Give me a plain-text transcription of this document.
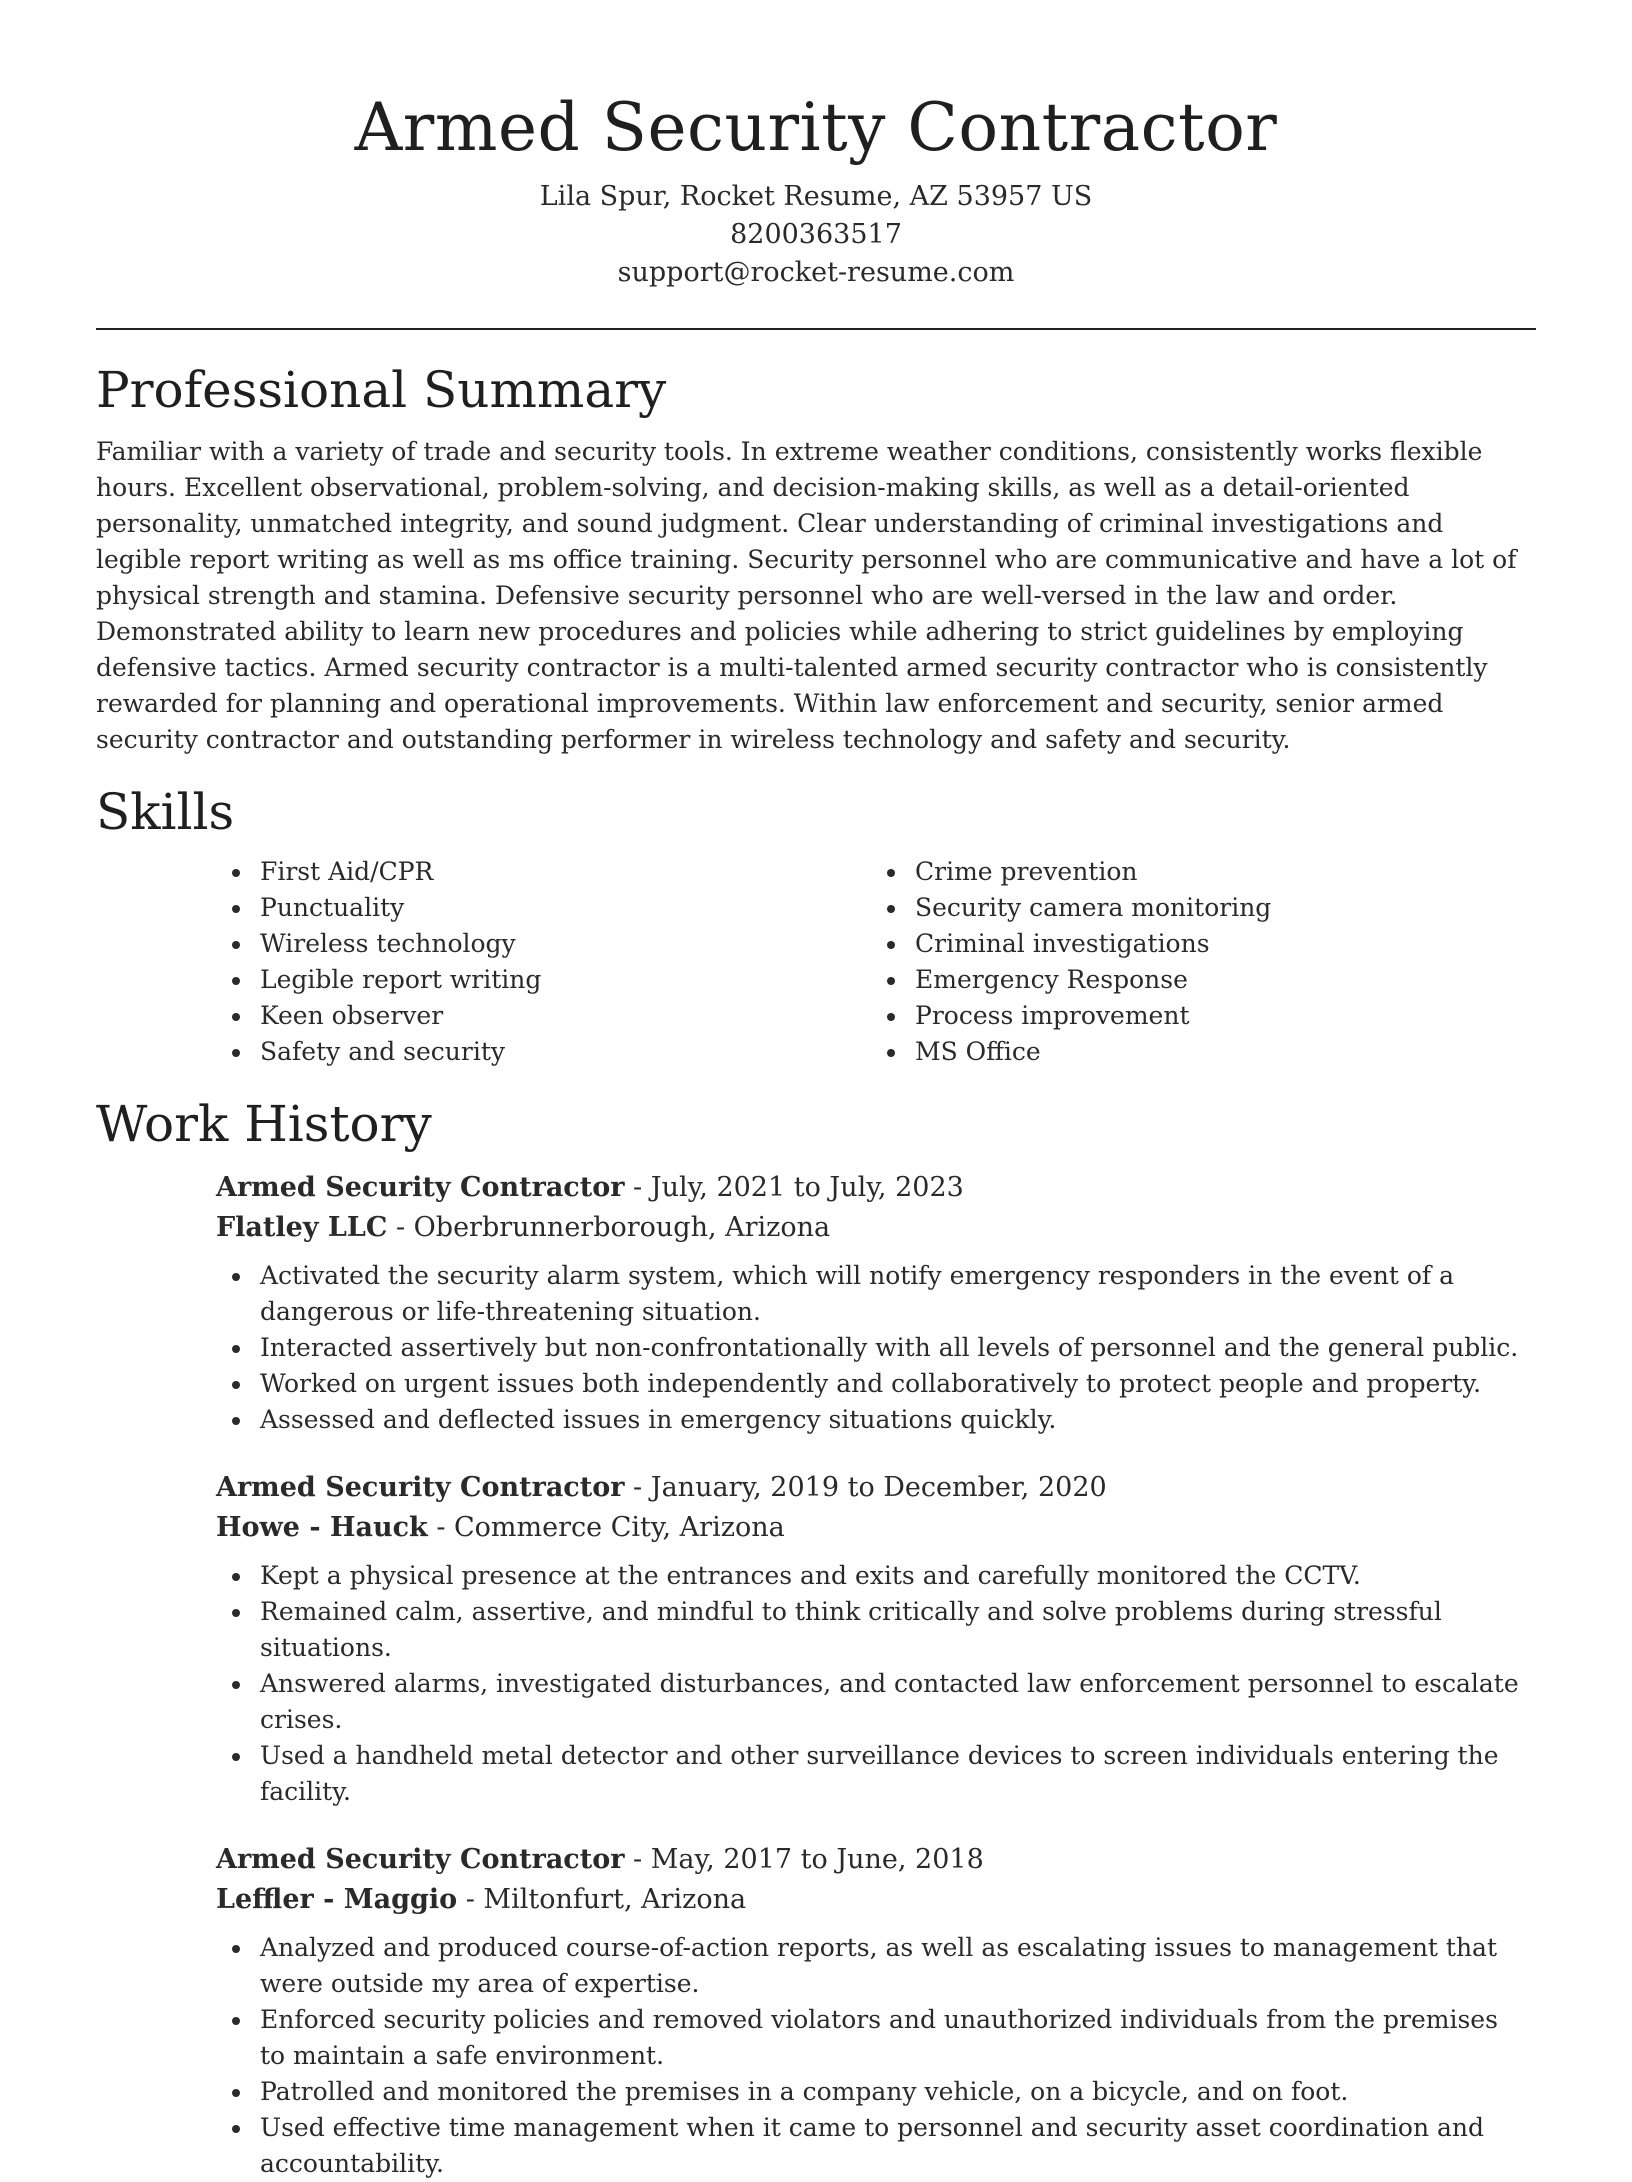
Armed Security Contractor
Lila Spur, Rocket Resume, AZ 53957 US
8200363517
support@rocket-resume.com
Professional Summary

Familiar with a variety of trade and security tools. In extreme weather conditions, consistently works flexible hours. Excellent observational, problem-solving, and decision-making skills, as well as a detail-oriented personality, unmatched integrity, and sound judgment. Clear understanding of criminal investigations and legible report writing as well as ms office training. Security personnel who are communicative and have a lot of physical strength and stamina. Defensive security personnel who are well-versed in the law and order. Demonstrated ability to learn new procedures and policies while adhering to strict guidelines by employing defensive tactics. Armed security contractor is a multi-talented armed security contractor who is consistently rewarded for planning and operational improvements. Within law enforcement and security, senior armed security contractor and outstanding performer in wireless technology and safety and security.

Skills
First Aid/CPR
Punctuality
Wireless technology
Legible report writing
Keen observer
Safety and security
Crime prevention
Security camera monitoring
Criminal investigations
Emergency Response
Process improvement
MS Office
Work History
Armed Security Contractor - July, 2021 to July, 2023
Flatley LLC - Oberbrunnerborough, Arizona
Activated the security alarm system, which will notify emergency responders in the event of a dangerous or life-threatening situation.
Interacted assertively but non-confrontationally with all levels of personnel and the general public.
Worked on urgent issues both independently and collaboratively to protect people and property.
Assessed and deflected issues in emergency situations quickly.
Armed Security Contractor - January, 2019 to December, 2020
Howe - Hauck - Commerce City, Arizona
Kept a physical presence at the entrances and exits and carefully monitored the CCTV.
Remained calm, assertive, and mindful to think critically and solve problems during stressful situations.
Answered alarms, investigated disturbances, and contacted law enforcement personnel to escalate crises.
Used a handheld metal detector and other surveillance devices to screen individuals entering the facility.
Armed Security Contractor - May, 2017 to June, 2018
Leffler - Maggio - Miltonfurt, Arizona
Analyzed and produced course-of-action reports, as well as escalating issues to management that were outside my area of expertise.
Enforced security policies and removed violators and unauthorized individuals from the premises to maintain a safe environment.
Patrolled and monitored the premises in a company vehicle, on a bicycle, and on foot.
Used effective time management when it came to personnel and security asset coordination and accountability.
